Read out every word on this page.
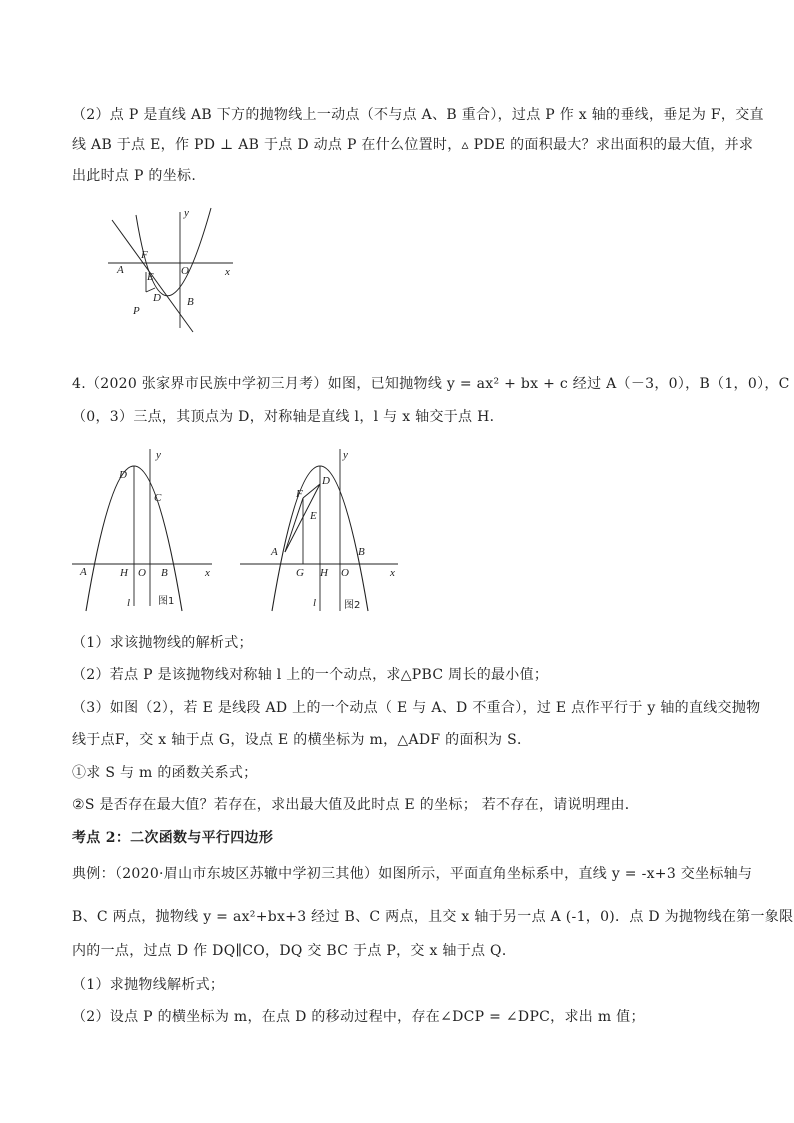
（2）点 P 是直线 AB 下方的抛物线上一动点（不与点 A、B 重合），过点 P 作 x 轴的垂线，垂足为 F，交直
线 AB 于点 E，作 PD ⊥ AB 于点 D 动点 P 在什么位置时，▵ PDE 的面积最大？求出面积的最大值，并求
出此时点 P 的坐标.
y
x
F
A
E O
D
P
B
4.（2020 张家界市民族中学初三月考）如图，已知抛物线 y = ax² + bx + c 经过 A（－3，0），B（1，0），C
（0，3）三点，其顶点为 D，对称轴是直线 l，l 与 x 轴交于点 H．
y
D
C
A	H O B	x
l	图1
y
F
D
E
A
G H O
B
x
l	图2
（1）求该抛物线的解析式；
（2）若点 P 是该抛物线对称轴 l 上的一个动点，求△PBC 周长的最小值；
（3）如图（2），若 E 是线段 AD 上的一个动点（ E 与 A、D 不重合），过 E 点作平行于 y 轴的直线交抛物
线于点F，交 x 轴于点 G，设点 E 的横坐标为 m，△ADF 的面积为 S．
①求 S 与 m 的函数关系式；
②S 是否存在最大值？若存在，求出最大值及此时点 E 的坐标； 若不存在，请说明理由．
考点 2：二次函数与平行四边形
典例：（2020·眉山市东坡区苏辙中学初三其他）如图所示，平面直角坐标系中，直线 y = -x+3 交坐标轴与
B、C 两点，抛物线 y = ax²+bx+3 经过 B、C 两点，且交 x 轴于另一点 A (-1，0)．点 D 为抛物线在第一象限
内的一点，过点 D 作 DQ∥CO，DQ 交 BC 于点 P，交 x 轴于点 Q．
（1）求抛物线解析式；
（2）设点 P 的横坐标为 m，在点 D 的移动过程中，存在∠DCP = ∠DPC，求出 m 值；
